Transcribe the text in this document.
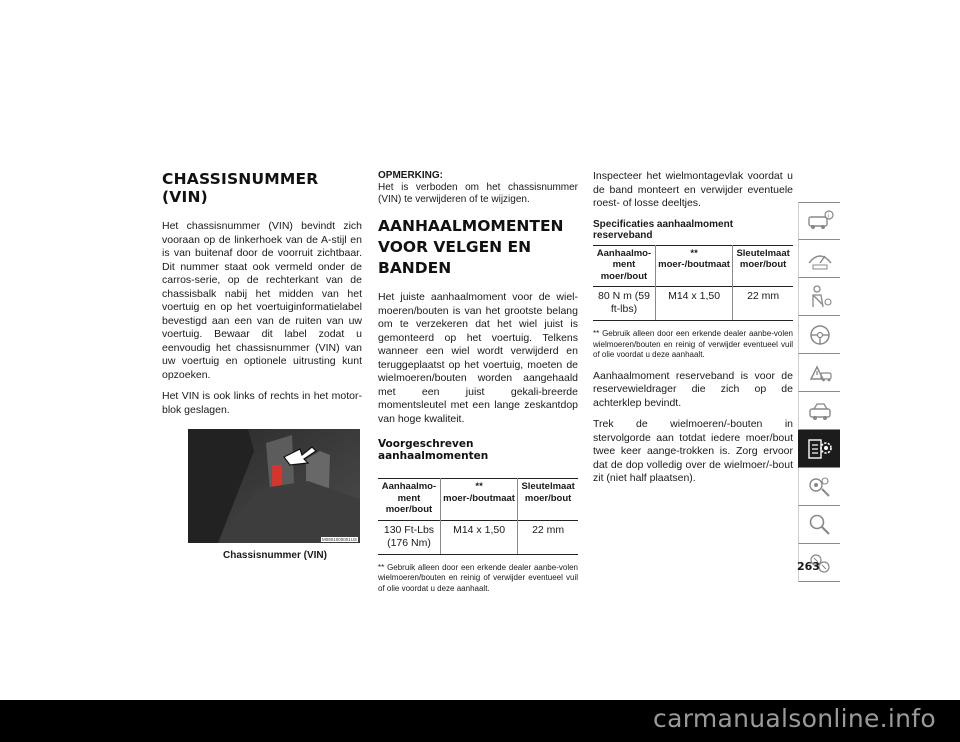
CHASSISNUMMER (VIN)

Het chassisnummer (VIN) bevindt zich vooraan op de linkerhoek van de A-stijl en is van buitenaf door de voorruit zichtbaar. Dit nummer staat ook vermeld onder de carros-serie, op de rechterkant van de chassisbalk nabij het midden van het voertuig en op het voertuiginformatielabel bevestigd aan een van de ruiten van uw voertuig. Bewaar dit label zodat u eenvoudig het chassisnummer (VIN) van uw voertuig en optionele uitrusting kunt opzoeken.

Het VIN is ook links of rechts in het motor-blok geslagen.

M0901000001US
Chassisnummer (VIN)
OPMERKING:

Het is verboden om het chassisnummer (VIN) te verwijderen of te wijzigen.

AANHAALMOMENTEN
VOOR VELGEN EN BANDEN

Het juiste aanhaalmoment voor de wiel-moeren/bouten is van het grootste belang om te verzekeren dat het wiel juist is gemonteerd op het voertuig. Telkens wanneer een wiel wordt verwijderd en teruggeplaatst op het voertuig, moeten de wielmoeren/bouten worden aangehaald met een juist gekali-breerde momentsleutel met een lange zeskantdop van hoge kwaliteit.

Voorgeschreven aanhaalmomenten
Aanhaalmo-ment moer/bout	** moer-/boutmaat	Sleutelmaat moer/bout
130 Ft-Lbs (176 Nm)	M14 x 1,50	22 mm

** Gebruik alleen door een erkende dealer aanbe-volen wielmoeren/bouten en reinig of verwijder eventueel vuil of olie voordat u deze aanhaalt.

Inspecteer het wielmontagevlak voordat u de band monteert en verwijder eventuele roest- of losse deeltjes.

Specificaties aanhaalmoment reserveband
Aanhaalmo-ment moer/bout	** moer-/boutmaat	Sleutelmaat moer/bout
80 N m (59 ft-lbs)	M14 x 1,50	22 mm

** Gebruik alleen door een erkende dealer aanbe-volen wielmoeren/bouten en reinig of verwijder eventueel vuil of olie voordat u deze aanhaalt.

Aanhaalmoment reserveband is voor de reservewieldrager die zich op de achterklep bevindt.

Trek de wielmoeren/-bouten in stervolgorde aan totdat iedere moer/bout twee keer aange-trokken is. Zorg ervoor dat de dop volledig over de wielmoer/-bout zit (niet half plaatsen).

i
263
carmanualsonline.info
